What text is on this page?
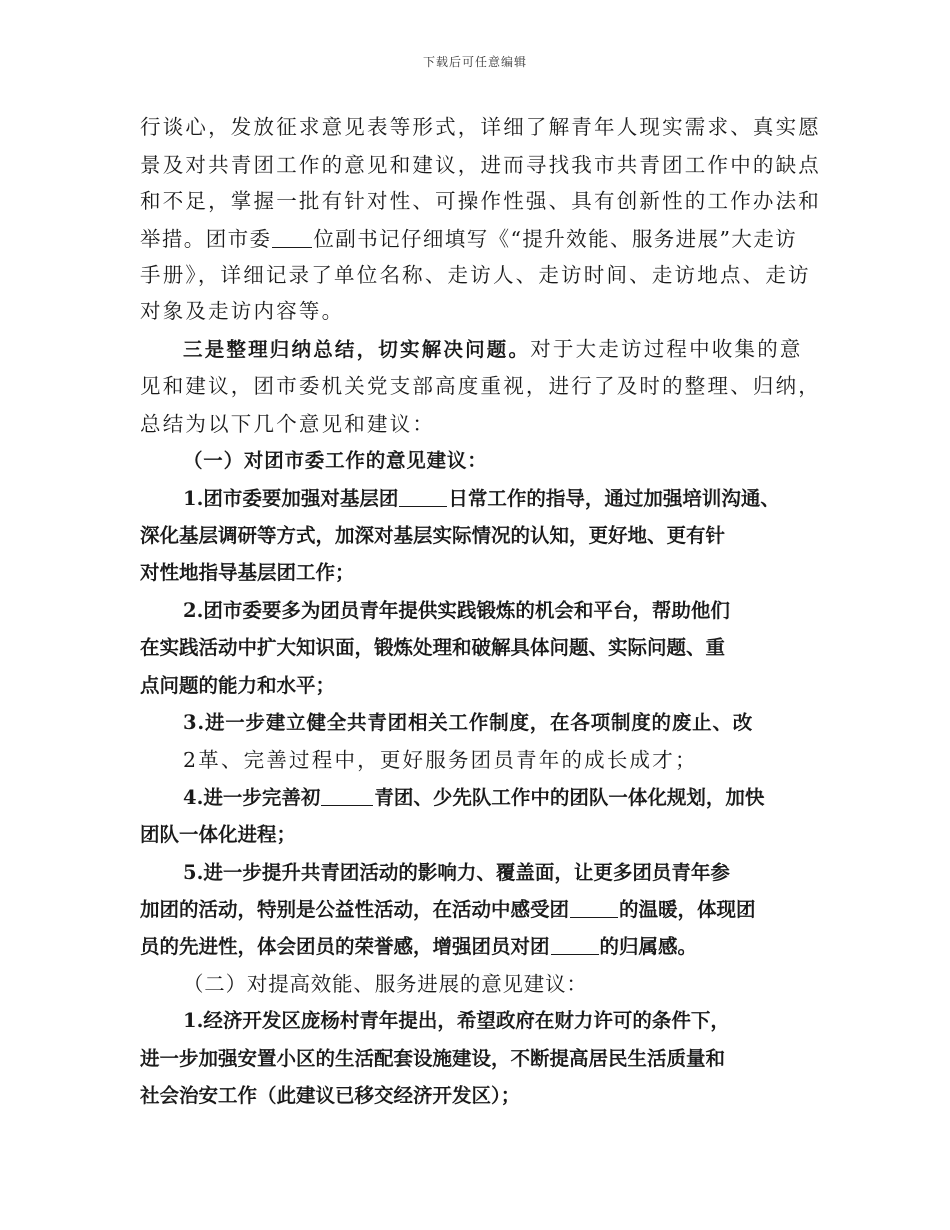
下载后可任意编辑
行谈心，发放征求意见表等形式，详细了解青年人现实需求、真实愿
景及对共青团工作的意见和建议，进而寻找我市共青团工作中的缺点
和不足，掌握一批有针对性、可操作性强、具有创新性的工作办法和
举措。团市委 位副书记仔细填写《“提升效能、服务进展”大走访
手册》，详细记录了单位名称、走访人、走访时间、走访地点、走访
对象及走访内容等。
三是整理归纳总结，切实解决问题。对于大走访过程中收集的意
见和建议，团市委机关党支部高度重视，进行了及时的整理、归纳，
总结为以下几个意见和建议：
（一）对团市委工作的意见建议：
1.团市委要加强对基层团	日常工作的指导，通过加强培训沟通、
深化基层调研等方式，加深对基层实际情况的认知，更好地、更有针
对性地指导基层团工作；
2.团市委要多为团员青年提供实践锻炼的机会和平台，帮助他们
在实践活动中扩大知识面，锻炼处理和破解具体问题、实际问题、重
点问题的能力和水平；
3.进一步建立健全共青团相关工作制度，在各项制度的废止、改
2革、完善过程中，更好服务团员青年的成长成才；
4.进一步完善初	青团、少先队工作中的团队一体化规划，加快
团队一体化进程；
5.进一步提升共青团活动的影响力、覆盖面，让更多团员青年参
加团的活动，特别是公益性活动，在活动中感受团	的温暖，体现团
员的先进性，体会团员的荣誉感，增强团员对团	的归属感。
（二）对提高效能、服务进展的意见建议：
1.经济开发区庞杨村青年提出，希望政府在财力许可的条件下，
进一步加强安置小区的生活配套设施建设，不断提高居民生活质量和
社会治安工作（此建议已移交经济开发区）；
